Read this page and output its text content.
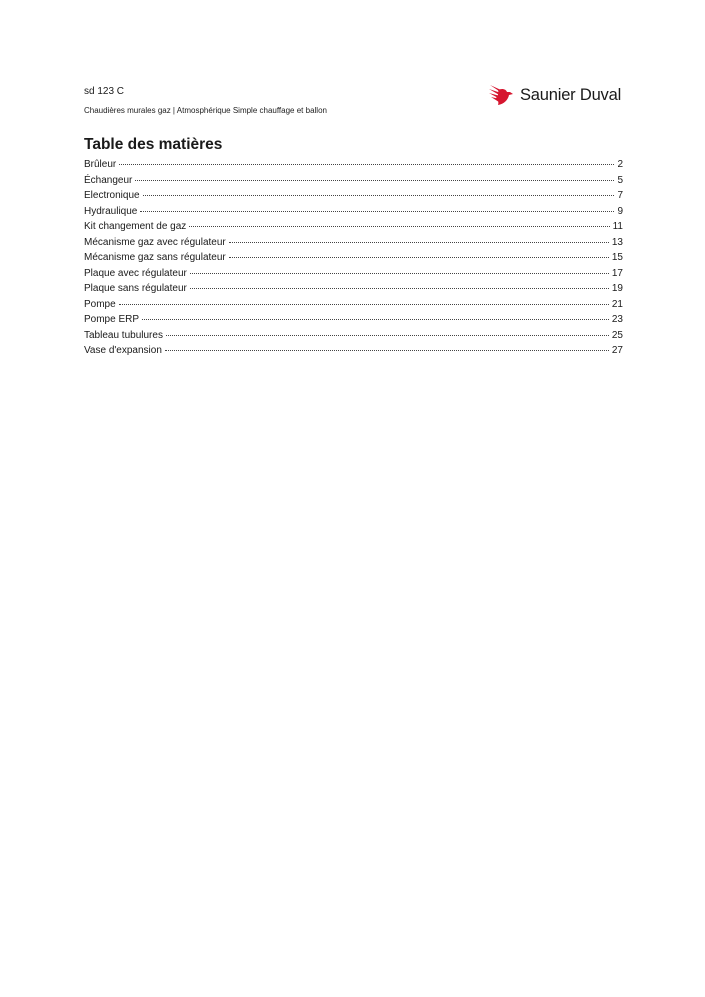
sd 123 C
Chaudières murales gaz | Atmosphérique Simple chauffage et ballon
Saunier Duval
Table des matières
Brûleur	2
Échangeur	5
Electronique	7
Hydraulique	9
Kit changement de gaz	11
Mécanisme gaz avec régulateur	13
Mécanisme gaz sans régulateur	15
Plaque avec régulateur	17
Plaque sans régulateur	19
Pompe	21
Pompe ERP	23
Tableau tubulures	25
Vase d'expansion	27
